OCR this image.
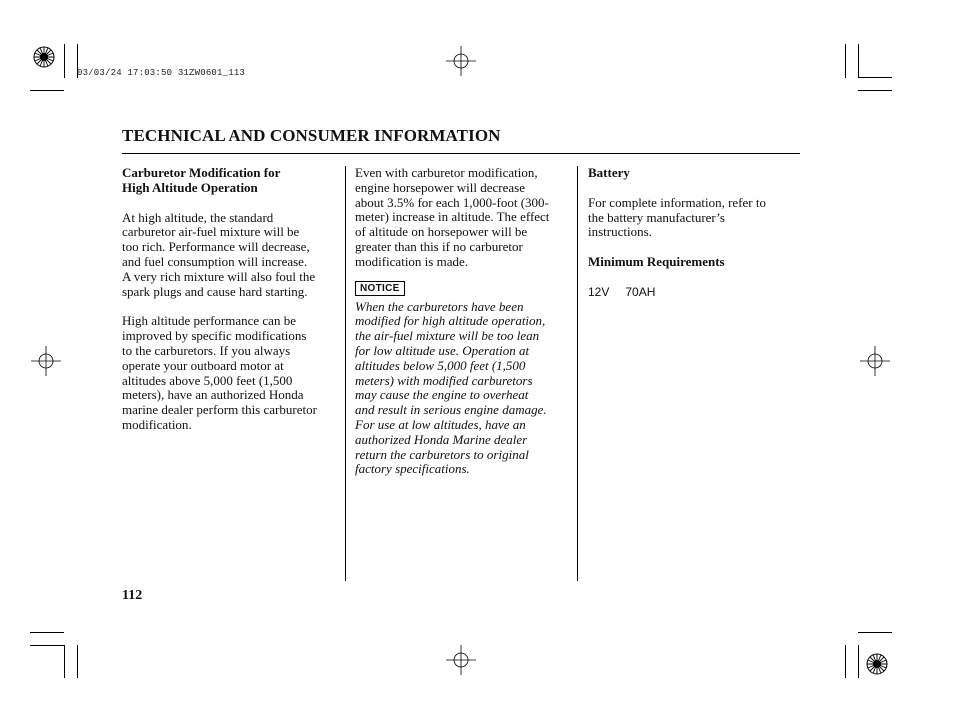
03/03/24 17:03:50 31ZW0601_113
TECHNICAL AND CONSUMER INFORMATION
Carburetor Modification for
High Altitude Operation
At high altitude, the standard
carburetor air-fuel mixture will be
too rich. Performance will decrease,
and fuel consumption will increase.
A very rich mixture will also foul the
spark plugs and cause hard starting.
High altitude performance can be
improved by specific modifications
to the carburetors. If you always
operate your outboard motor at
altitudes above 5,000 feet (1,500
meters), have an authorized Honda
marine dealer perform this carburetor
modification.
Even with carburetor modification,
engine horsepower will decrease
about 3.5% for each 1,000-foot (300-
meter) increase in altitude. The effect
of altitude on horsepower will be
greater than this if no carburetor
modification is made.
NOTICE
When the carburetors have been
modified for high altitude operation,
the air-fuel mixture will be too lean
for low altitude use. Operation at
altitudes below 5,000 feet (1,500
meters) with modified carburetors
may cause the engine to overheat
and result in serious engine damage.
For use at low altitudes, have an
authorized Honda Marine dealer
return the carburetors to original
factory specifications.
Battery
For complete information, refer to
the battery manufacturer’s
instructions.
Minimum Requirements
12V 70AH
112
